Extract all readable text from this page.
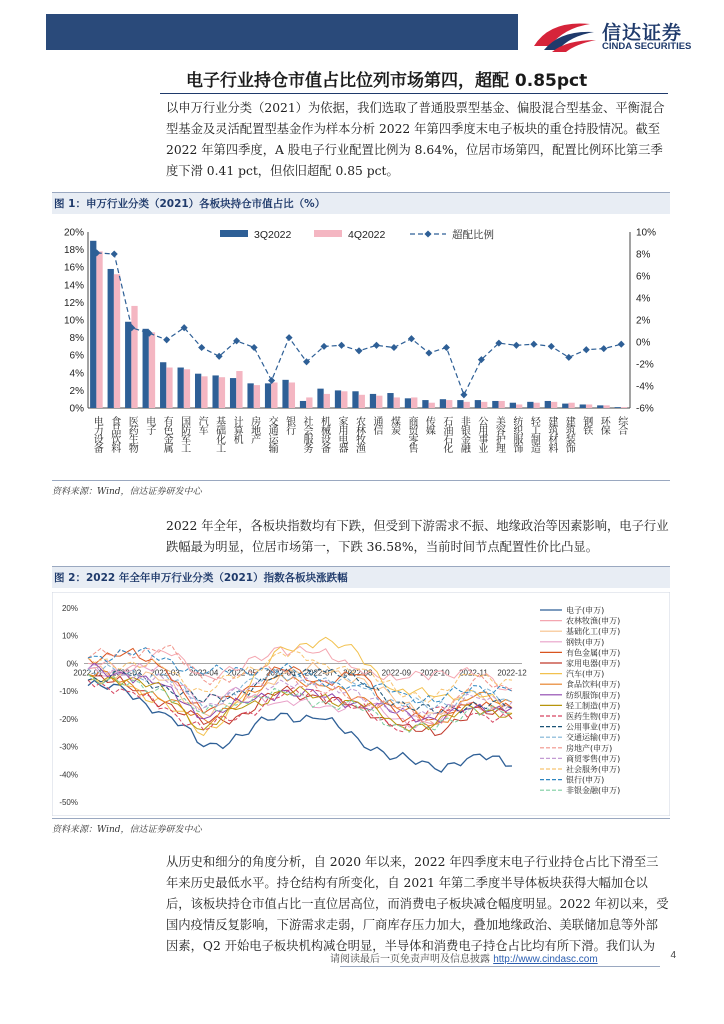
信达证券
CINDA SECURITIES
电子行业持仓市值占比位列市场第四，超配 0.85pct

以申万行业分类（2021）为依据，我们选取了普通股票型基金、偏股混合型基金、平衡混合型基金及灵活配置型基金作为样本分析 2022 年第四季度末电子板块的重仓持股情况。截至 2022 年第四季度，A 股电子行业配置比例为 8.64%，位居市场第四，配置比例环比第三季度下滑 0.41 pct，但依旧超配 0.85 pct。

图 1：申万行业分类（2021）各板块持仓市值占比（%）
0%
2%
4%
6%
8%
10%
12%
14%
16%
18%
20%
-6%
-4%
-2%
0%
2%
4%
6%
8%
10%
电力设备 食品饮料 医药生物 电子 有色金属 国防军工 汽车 基础化工 计算机 房地产 交通运输 银行 社会服务 机械设备 家用电器 农林牧渔 通信 煤炭 商贸零售 传媒 石油石化 非银金融 公用事业 美容护理 纺织服饰 轻工制造 建筑材料 建筑装饰 钢铁 环保 综合
3Q2022	4Q2022	超配比例
资料来源：Wind，信达证券研发中心

2022 年全年，各板块指数均有下跌，但受到下游需求不振、地缘政治等因素影响，电子行业跌幅最为明显，位居市场第一，下跌 36.58%，当前时间节点配置性价比凸显。

图 2：2022 年全年申万行业分类（2021）指数各板块涨跌幅
20%
10%
0%
-10%
-20%
-30%
-40%
-50%
2022-01 2022-02 2022-03 2022-04 2022-05 2022-06 2022-07 2022-08 2022-09 2022-10 2022-11 2022-12
电子(申万)
农林牧渔(申万)
基础化工(申万)
钢铁(申万)
有色金属(申万)
家用电器(申万)
汽车(申万)
食品饮料(申万)
纺织服饰(申万)
轻工制造(申万)
医药生物(申万)
公用事业(申万)
交通运输(申万)
房地产(申万)
商贸零售(申万)
社会服务(申万)
银行(申万)
非银金融(申万)
资料来源：Wind，信达证券研发中心

从历史和细分的角度分析，自 2020 年以来，2022 年四季度末电子行业持仓占比下滑至三年来历史最低水平。持仓结构有所变化，自 2021 年第二季度半导体板块获得大幅加仓以后，该板块持仓市值占比一直位居高位，而消费电子板块减仓幅度明显。2022 年初以来，受国内疫情反复影响，下游需求走弱，厂商库存压力加大，叠加地缘政治、美联储加息等外部因素，Q2 开始电子板块机构减仓明显，半导体和消费电子持仓占比均有所下滑。我们认为

请阅读最后一页免责声明及信息披露 http://www.cindasc.com	4
